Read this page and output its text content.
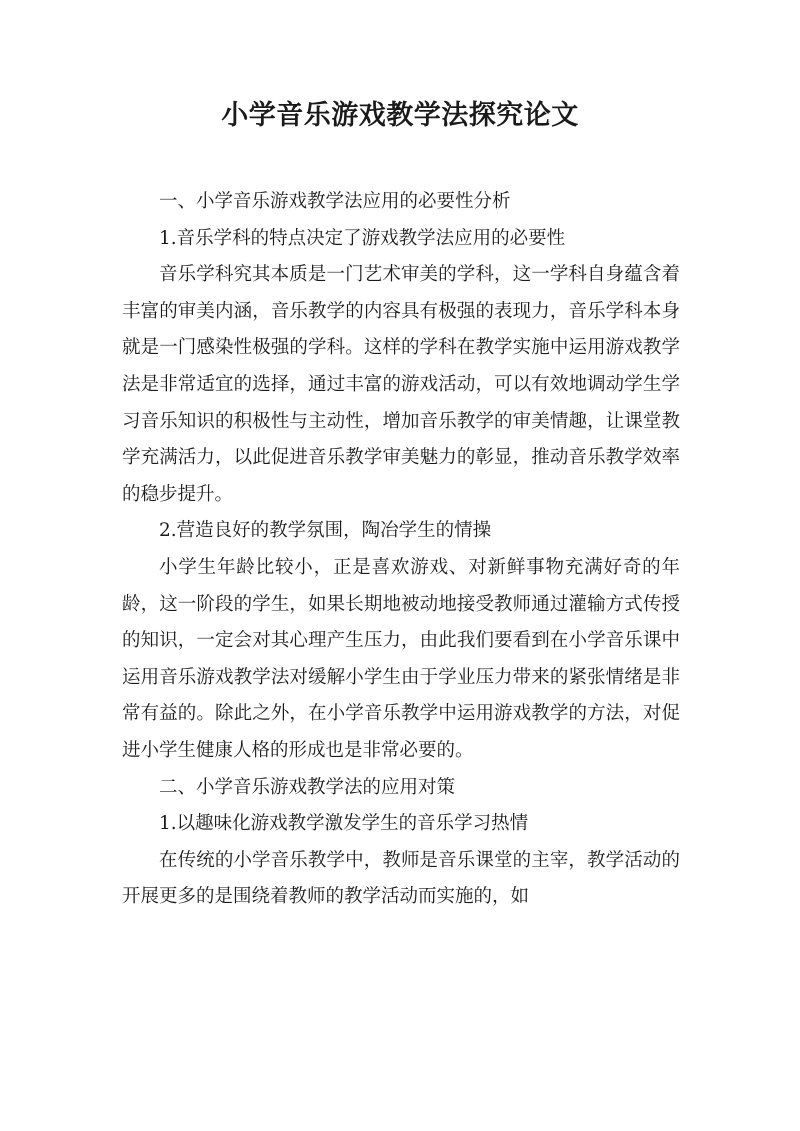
小学音乐游戏教学法探究论文

一、小学音乐游戏教学法应用的必要性分析

1.音乐学科的特点决定了游戏教学法应用的必要性

音乐学科究其本质是一门艺术审美的学科，这一学科自身蕴含着丰富的审美内涵，音乐教学的内容具有极强的表现力，音乐学科本身就是一门感染性极强的学科。这样的学科在教学实施中运用游戏教学法是非常适宜的选择，通过丰富的游戏活动，可以有效地调动学生学习音乐知识的积极性与主动性，增加音乐教学的审美情趣，让课堂教学充满活力，以此促进音乐教学审美魅力的彰显，推动音乐教学效率的稳步提升。

2.营造良好的教学氛围，陶冶学生的情操

小学生年龄比较小，正是喜欢游戏、对新鲜事物充满好奇的年龄，这一阶段的学生，如果长期地被动地接受教师通过灌输方式传授的知识，一定会对其心理产生压力，由此我们要看到在小学音乐课中运用音乐游戏教学法对缓解小学生由于学业压力带来的紧张情绪是非常有益的。除此之外，在小学音乐教学中运用游戏教学的方法，对促进小学生健康人格的形成也是非常必要的。

二、小学音乐游戏教学法的应用对策

1.以趣味化游戏教学激发学生的音乐学习热情

在传统的小学音乐教学中，教师是音乐课堂的主宰，教学活动的开展更多的是围绕着教师的教学活动而实施的，如
